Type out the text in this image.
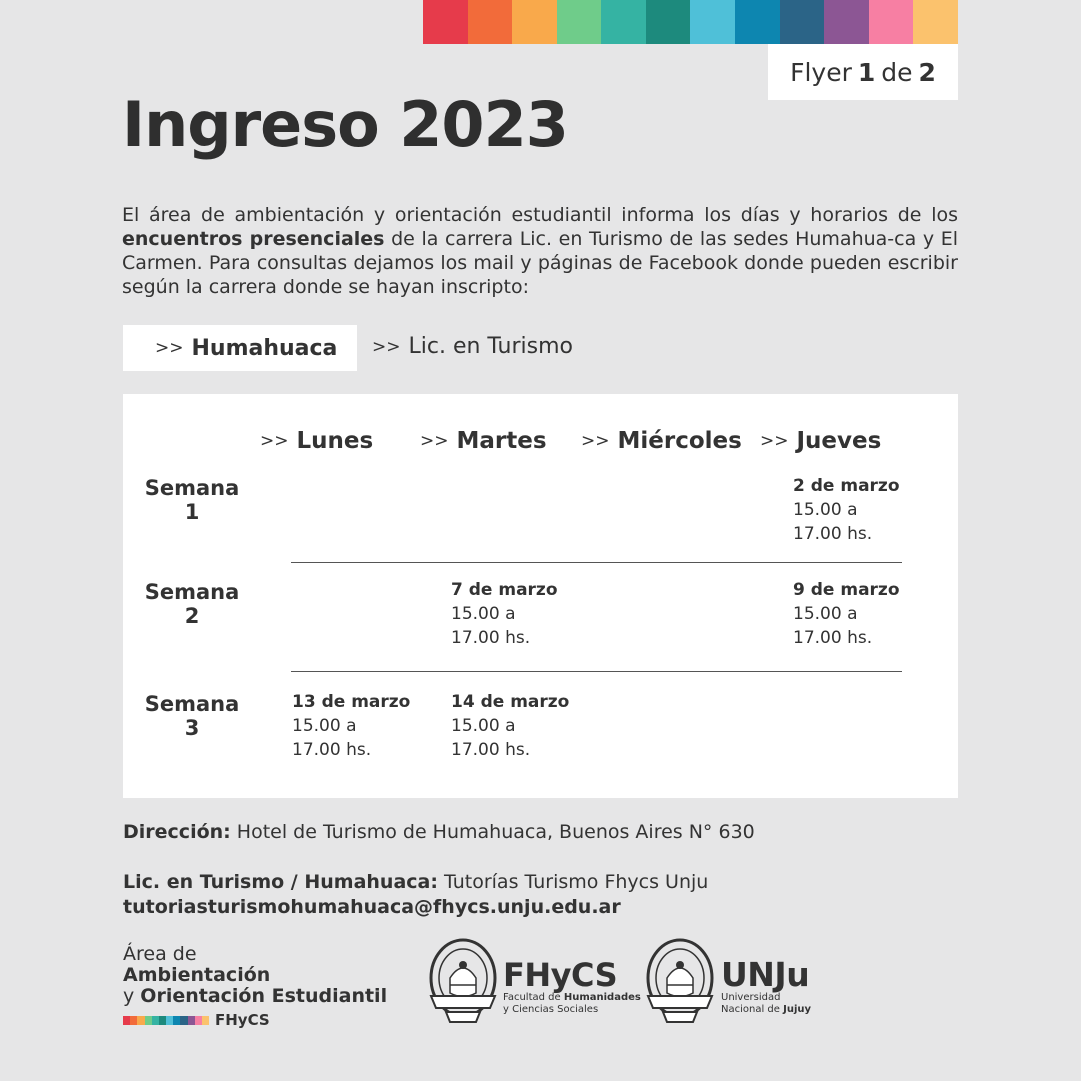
Flyer 1 de 2
Ingreso 2023
El área de ambientación y orientación estudiantil informa los días y horarios de los encuentros presenciales de la carrera Lic. en Turismo de las sedes Humahua-ca y El Carmen. Para consultas dejamos los mail y páginas de Facebook donde pueden escribir según la carrera donde se hayan inscripto:
>> Humahuaca >> Lic. en Turismo
>> Lunes	>> Martes >> Miércoles >> Jueves
Semana
1
Semana
2
Semana
3
2 de marzo
15.00 a
17.00 hs.
7 de marzo
15.00 a
17.00 hs.
9 de marzo
15.00 a
17.00 hs.
13 de marzo
15.00 a
17.00 hs.
14 de marzo
15.00 a
17.00 hs.
Dirección: Hotel de Turismo de Humahuaca, Buenos Aires N° 630
Lic. en Turismo / Humahuaca: Tutorías Turismo Fhycs Unju
tutoriasturismohumahuaca@fhycs.unju.edu.ar
Área de
Ambientación
y Orientación Estudiantil
FHyCS
FHyCS
Facultad de Humanidades
y Ciencias Sociales
UNJu
Universidad
Nacional de Jujuy
